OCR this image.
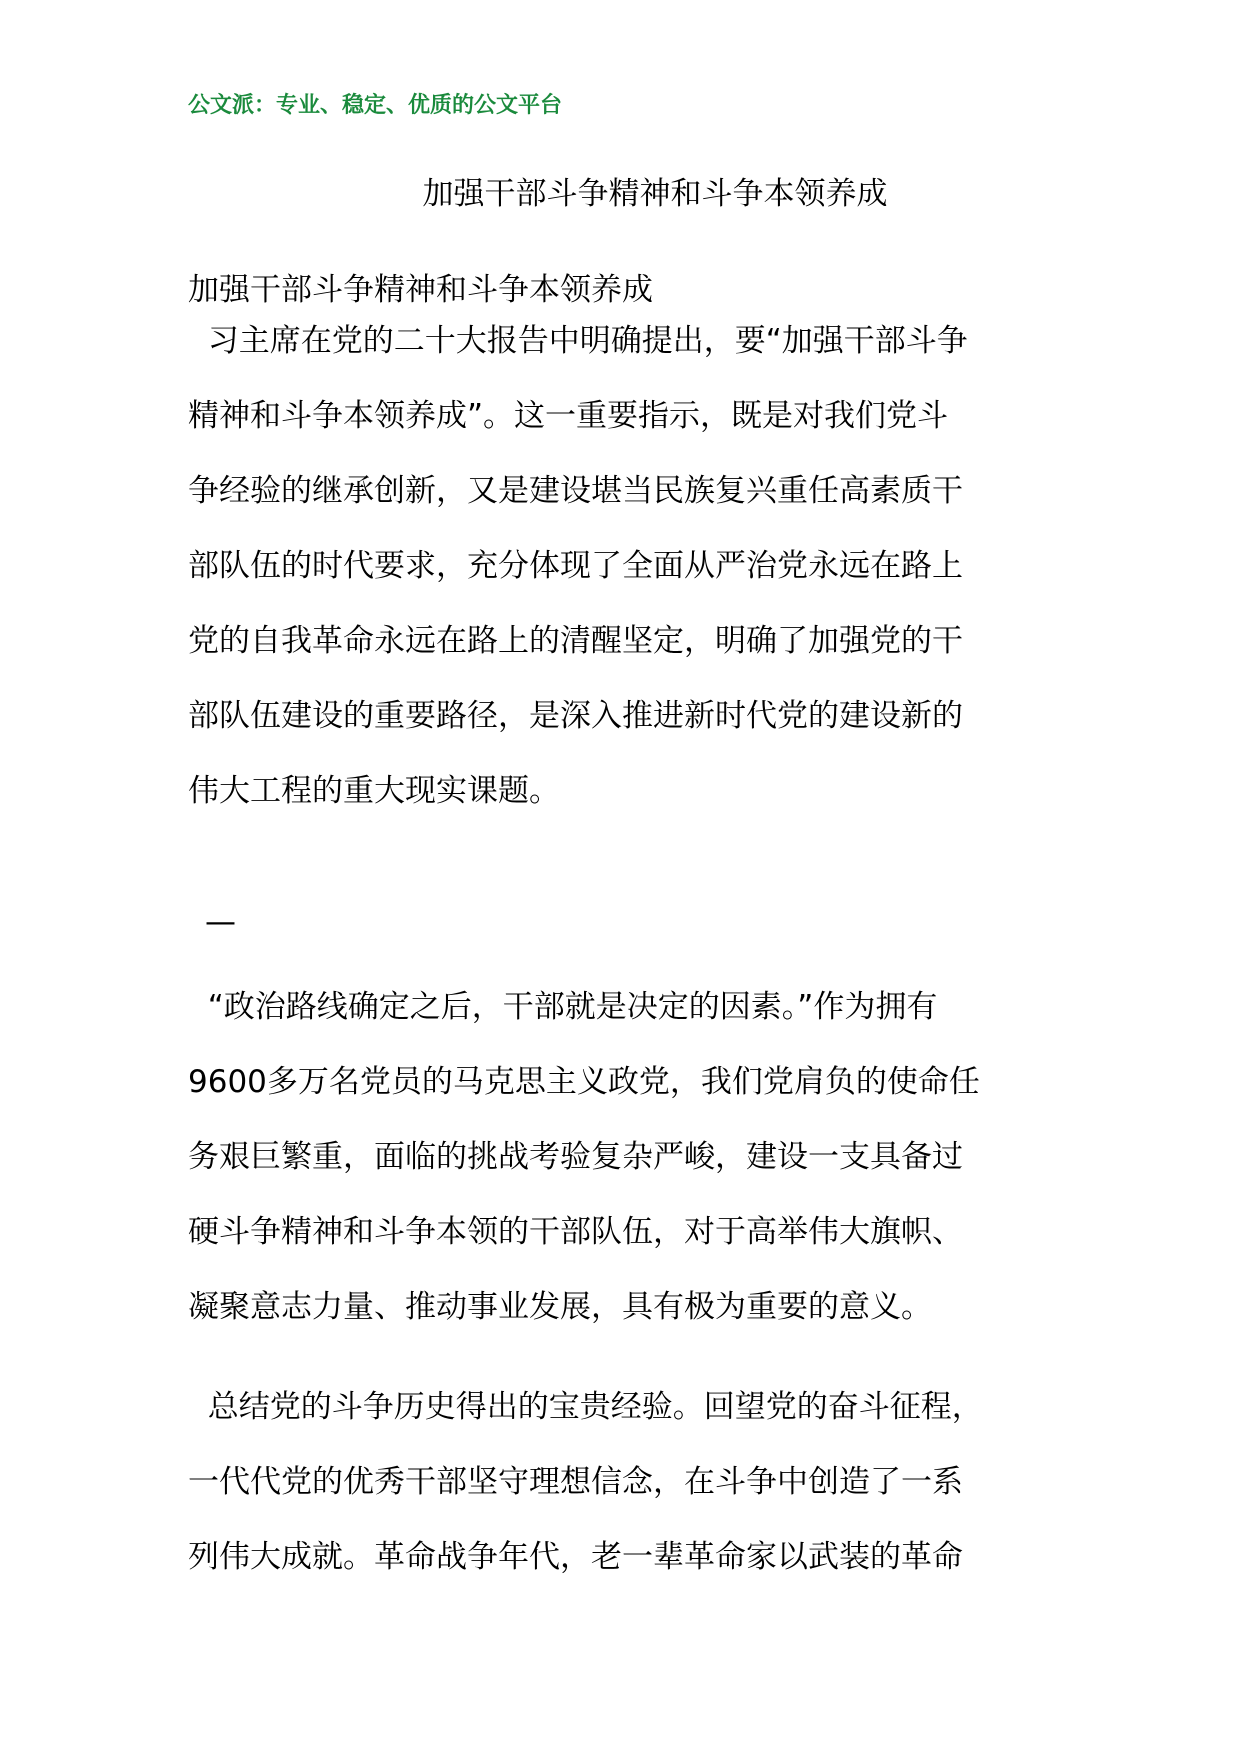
公文派：专业、稳定、优质的公文平台
加强干部斗争精神和斗争本领养成
加强干部斗争精神和斗争本领养成
习主席在党的二十大报告中明确提出，要“加强干部斗争
精神和斗争本领养成”。这一重要指示，既是对我们党斗
争经验的继承创新，又是建设堪当民族复兴重任高素质干
部队伍的时代要求，充分体现了全面从严治党永远在路上
党的自我革命永远在路上的清醒坚定，明确了加强党的干
部队伍建设的重要路径，是深入推进新时代党的建设新的
伟大工程的重大现实课题。
—
“政治路线确定之后，干部就是决定的因素。”作为拥有
9600多万名党员的马克思主义政党，我们党肩负的使命任
务艰巨繁重，面临的挑战考验复杂严峻，建设一支具备过
硬斗争精神和斗争本领的干部队伍，对于高举伟大旗帜、
凝聚意志力量、推动事业发展，具有极为重要的意义。
总结党的斗争历史得出的宝贵经验。回望党的奋斗征程，
一代代党的优秀干部坚守理想信念，在斗争中创造了一系
列伟大成就。革命战争年代，老一辈革命家以武装的革命
